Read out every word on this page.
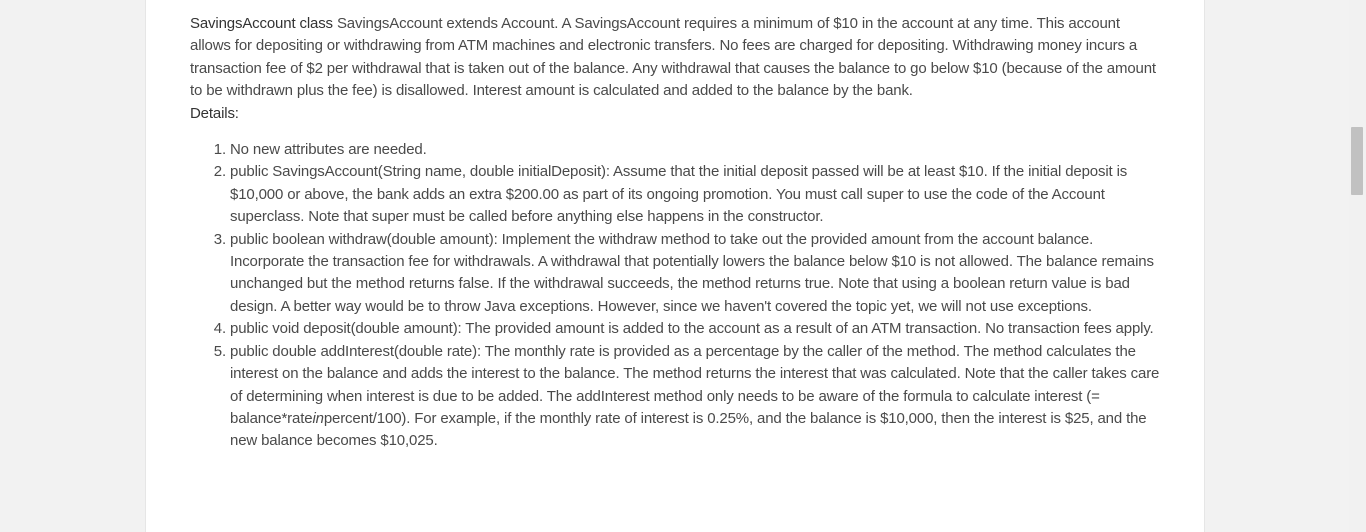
SavingsAccount class SavingsAccount extends Account. A SavingsAccount requires a minimum of $10 in the account at any time. This account allows for depositing or withdrawing from ATM machines and electronic transfers. No fees are charged for depositing. Withdrawing money incurs a transaction fee of $2 per withdrawal that is taken out of the balance. Any withdrawal that causes the balance to go below $10 (because of the amount to be withdrawn plus the fee) is disallowed. Interest amount is calculated and added to the balance by the bank.

Details:

1. No new attributes are needed.
2. public SavingsAccount(String name, double initialDeposit): Assume that the initial deposit passed will be at least $10. If the initial deposit is $10,000 or above, the bank adds an extra $200.00 as part of its ongoing promotion. You must call super to use the code of the Account superclass. Note that super must be called before anything else happens in the constructor.
3. public boolean withdraw(double amount): Implement the withdraw method to take out the provided amount from the account balance. Incorporate the transaction fee for withdrawals. A withdrawal that potentially lowers the balance below $10 is not allowed. The balance remains unchanged but the method returns false. If the withdrawal succeeds, the method returns true. Note that using a boolean return value is bad design. A better way would be to throw Java exceptions. However, since we haven't covered the topic yet, we will not use exceptions.
4. public void deposit(double amount): The provided amount is added to the account as a result of an ATM transaction. No transaction fees apply.
5. public double addInterest(double rate): The monthly rate is provided as a percentage by the caller of the method. The method calculates the interest on the balance and adds the interest to the balance. The method returns the interest that was calculated. Note that the caller takes care of determining when interest is due to be added. The addInterest method only needs to be aware of the formula to calculate interest (= balance*rateinpercent/100). For example, if the monthly rate of interest is 0.25%, and the balance is $10,000, then the interest is $25, and the new balance becomes $10,025.
